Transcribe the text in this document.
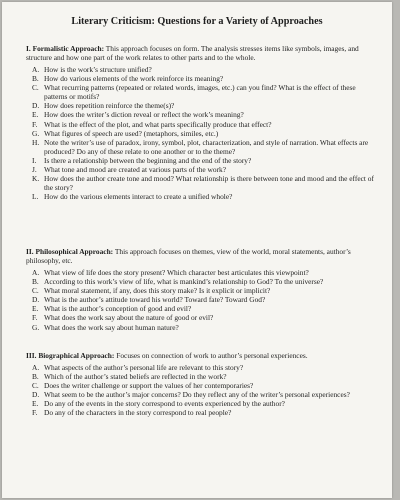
Literary Criticism: Questions for a Variety of Approaches
I. Formalistic Approach: This approach focuses on form. The analysis stresses items like symbols, images, and structure and how one part of the work relates to other parts and to the whole.
A. How is the work’s structure unified?
B. How do various elements of the work reinforce its meaning?
C. What recurring patterns (repeated or related words, images, etc.) can you find? What is the effect of these patterns or motifs?
D. How does repetition reinforce the theme(s)?
E. How does the writer’s diction reveal or reflect the work’s meaning?
F. What is the effect of the plot, and what parts specifically produce that effect?
G. What figures of speech are used? (metaphors, similes, etc.)
H. Note the writer’s use of paradox, irony, symbol, plot, characterization, and style of narration. What effects are produced? Do any of these relate to one another or to the theme?
I.	Is there a relationship between the beginning and the end of the story?
J. What tone and mood are created at various parts of the work?
K. How does the author create tone and mood? What relationship is there between tone and mood and the effect of the story?
L. How do the various elements interact to create a unified whole?
II. Philosophical Approach: This approach focuses on themes, view of the world, moral statements, author’s philosophy, etc.
A. What view of life does the story present? Which character best articulates this viewpoint?
B. According to this work’s view of life, what is mankind’s relationship to God? To the universe?
C. What moral statement, if any, does this story make? Is it explicit or implicit?
D. What is the author’s attitude toward his world? Toward fate? Toward God?
E. What is the author’s conception of good and evil?
F. What does the work say about the nature of good or evil?
G. What does the work say about human nature?
III. Biographical Approach: Focuses on connection of work to author’s personal experiences.
A. What aspects of the author’s personal life are relevant to this story?
B. Which of the author’s stated beliefs are reflected in the work?
C. Does the writer challenge or support the values of her contemporaries?
D. What seem to be the author’s major concerns? Do they reflect any of the writer’s personal experiences?
E. Do any of the events in the story correspond to events experienced by the author?
F. Do any of the characters in the story correspond to real people?
